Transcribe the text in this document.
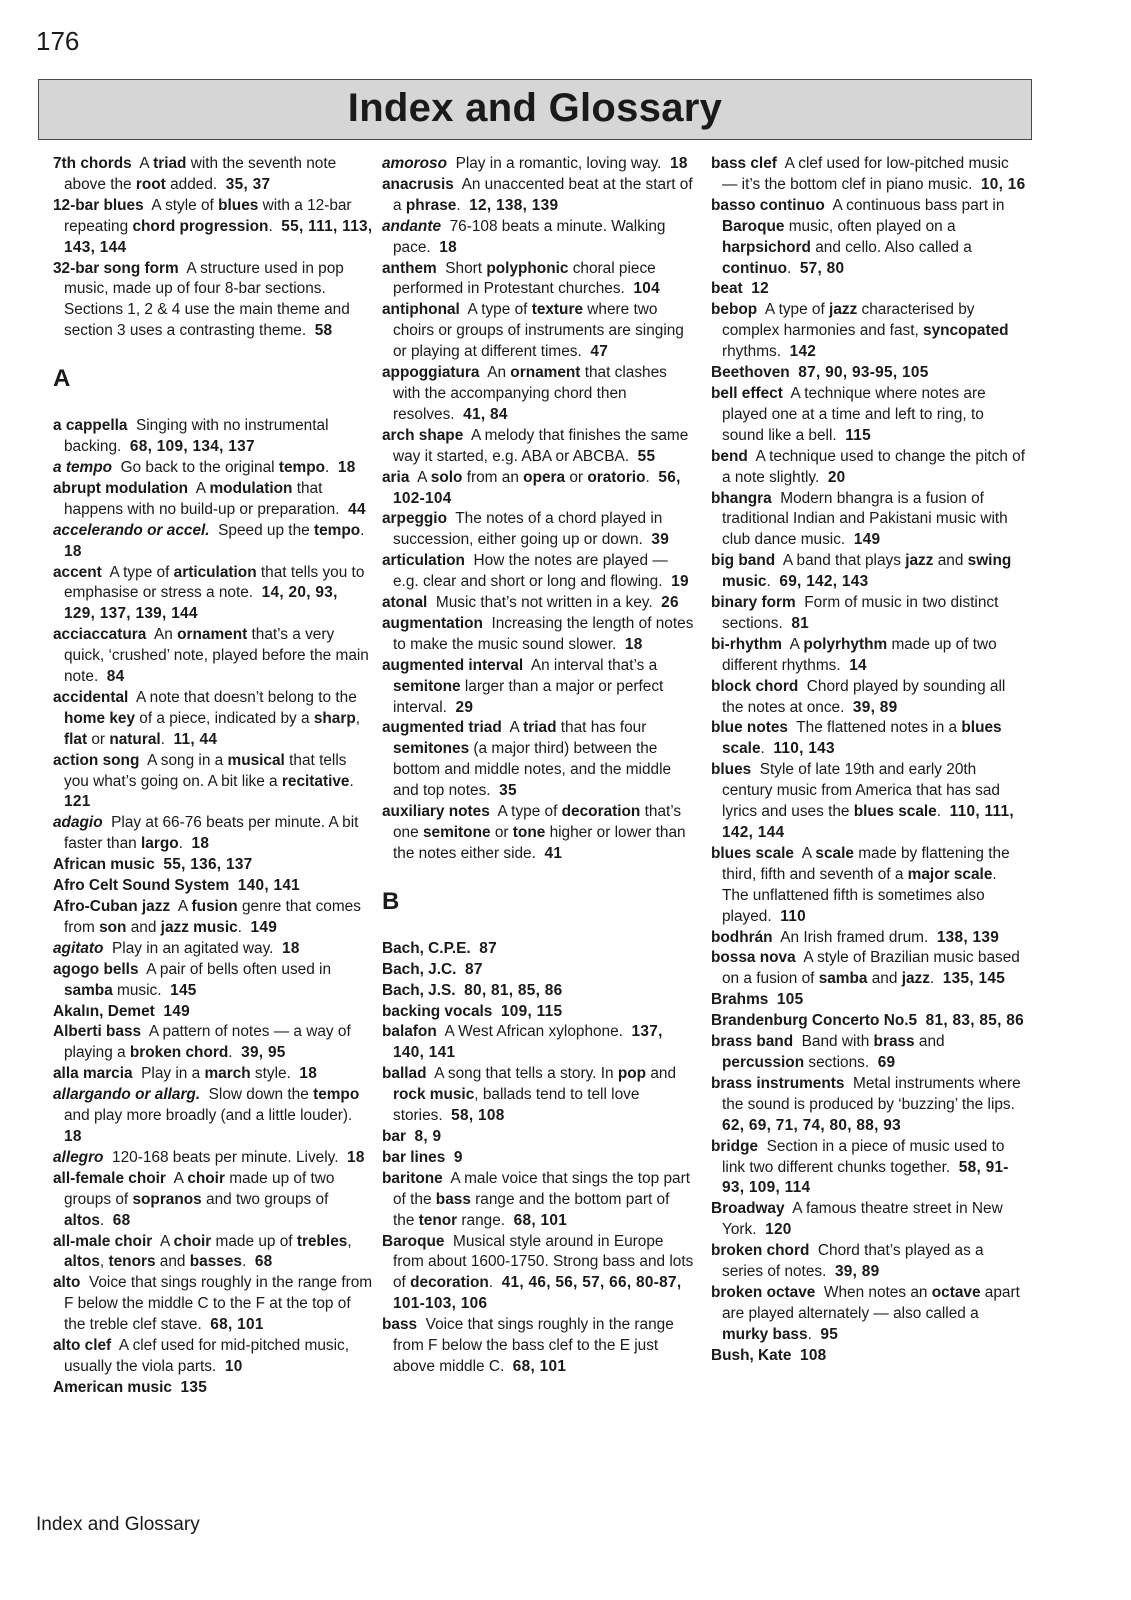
176
Index and Glossary
7th chords A triad with the seventh note above the root added. 35, 37
12-bar blues A style of blues with a 12-bar repeating chord progression. 55, 111, 113, 143, 144
32-bar song form A structure used in pop music, made up of four 8-bar sections. Sections 1, 2 & 4 use the main theme and section 3 uses a contrasting theme. 58
A
a cappella Singing with no instrumental backing. 68, 109, 134, 137
a tempo Go back to the original tempo. 18
abrupt modulation A modulation that happens with no build-up or preparation. 44
accelerando or accel. Speed up the tempo.  18
accent A type of articulation that tells you to emphasise or stress a note. 14, 20, 93, 129, 137, 139, 144
acciaccatura An ornament that’s a very quick, ‘crushed’ note, played before the main note. 84
accidental A note that doesn’t belong to the home key of a piece, indicated by a sharp, flat or natural. 11, 44
action song A song in a musical that tells you what’s going on. A bit like a recitative.  121
adagio Play at 66-76 beats per minute. A bit faster than largo. 18
African music 55, 136, 137
Afro Celt Sound System 140, 141
Afro-Cuban jazz A fusion genre that comes from son and jazz music. 149
agitato Play in an agitated way. 18
agogo bells A pair of bells often used in samba music. 145
Akalın, Demet 149
Alberti bass A pattern of notes — a way of playing a broken chord. 39, 95
alla marcia Play in a march style. 18
allargando or allarg. Slow down the tempo and play more broadly (and a little louder).  18
allegro 120-168 beats per minute. Lively. 18
all-female choir A choir made up of two groups of sopranos and two groups of altos. 68
all-male choir A choir made up of trebles, altos, tenors and basses. 68
alto Voice that sings roughly in the range from F below the middle C to the F at the top of the treble clef stave. 68, 101
alto clef A clef used for mid-pitched music, usually the viola parts. 10
American music 135
amoroso Play in a romantic, loving way. 18
anacrusis An unaccented beat at the start of a phrase. 12, 138, 139
andante 76-108 beats a minute. Walking pace. 18
anthem Short polyphonic choral piece performed in Protestant churches. 104
antiphonal A type of texture where two choirs or groups of instruments are singing or playing at different times. 47
appoggiatura An ornament that clashes with the accompanying chord then resolves. 41, 84
arch shape A melody that finishes the same way it started, e.g. ABA or ABCBA. 55
aria A solo from an opera or oratorio. 56, 102-104
arpeggio The notes of a chord played in succession, either going up or down. 39
articulation How the notes are played — e.g. clear and short or long and flowing. 19
atonal Music that’s not written in a key. 26
augmentation Increasing the length of notes to make the music sound slower. 18
augmented interval An interval that’s a semitone larger than a major or perfect interval. 29
augmented triad A triad that has four semitones (a major third) between the bottom and middle notes, and the middle and top notes. 35
auxiliary notes A type of decoration that’s one semitone or tone higher or lower than the notes either side. 41
B
Bach, C.P.E. 87
Bach, J.C. 87
Bach, J.S. 80, 81, 85, 86
backing vocals 109, 115
balafon A West African xylophone. 137, 140, 141
ballad A song that tells a story. In pop and rock music, ballads tend to tell love stories. 58, 108
bar 8, 9
bar lines 9
baritone A male voice that sings the top part of the bass range and the bottom part of the tenor range. 68, 101
Baroque Musical style around in Europe from about 1600-1750. Strong bass and lots of decoration. 41, 46, 56, 57, 66, 80-87, 101-103, 106
bass Voice that sings roughly in the range from F below the bass clef to the E just above middle C. 68, 101
bass clef A clef used for low-pitched music — it’s the bottom clef in piano music. 10, 16
basso continuo A continuous bass part in Baroque music, often played on a harpsichord and cello. Also called a continuo. 57, 80
beat 12
bebop A type of jazz characterised by complex harmonies and fast, syncopated rhythms. 142
Beethoven 87, 90, 93-95, 105
bell effect A technique where notes are played one at a time and left to ring, to sound like a bell. 115
bend A technique used to change the pitch of a note slightly. 20
bhangra Modern bhangra is a fusion of traditional Indian and Pakistani music with club dance music. 149
big band A band that plays jazz and swing music. 69, 142, 143
binary form Form of music in two distinct sections. 81
bi-rhythm A polyrhythm made up of two different rhythms. 14
block chord Chord played by sounding all the notes at once. 39, 89
blue notes The flattened notes in a blues scale. 110, 143
blues Style of late 19th and early 20th century music from America that has sad lyrics and uses the blues scale. 110, 111, 142, 144
blues scale A scale made by flattening the third, fifth and seventh of a major scale. The unflattened fifth is sometimes also played. 110
bodhrán An Irish framed drum. 138, 139
bossa nova A style of Brazilian music based on a fusion of samba and jazz. 135, 145
Brahms 105
Brandenburg Concerto No.5 81, 83, 85, 86
brass band Band with brass and percussion sections. 69
brass instruments Metal instruments where the sound is produced by ‘buzzing’ the lips.  62, 69, 71, 74, 80, 88, 93
bridge Section in a piece of music used to link two different chunks together. 58, 91-93, 109, 114
Broadway A famous theatre street in New York. 120
broken chord Chord that’s played as a series of notes. 39, 89
broken octave When notes an octave apart are played alternately — also called a murky bass. 95
Bush, Kate 108
Index and Glossary
